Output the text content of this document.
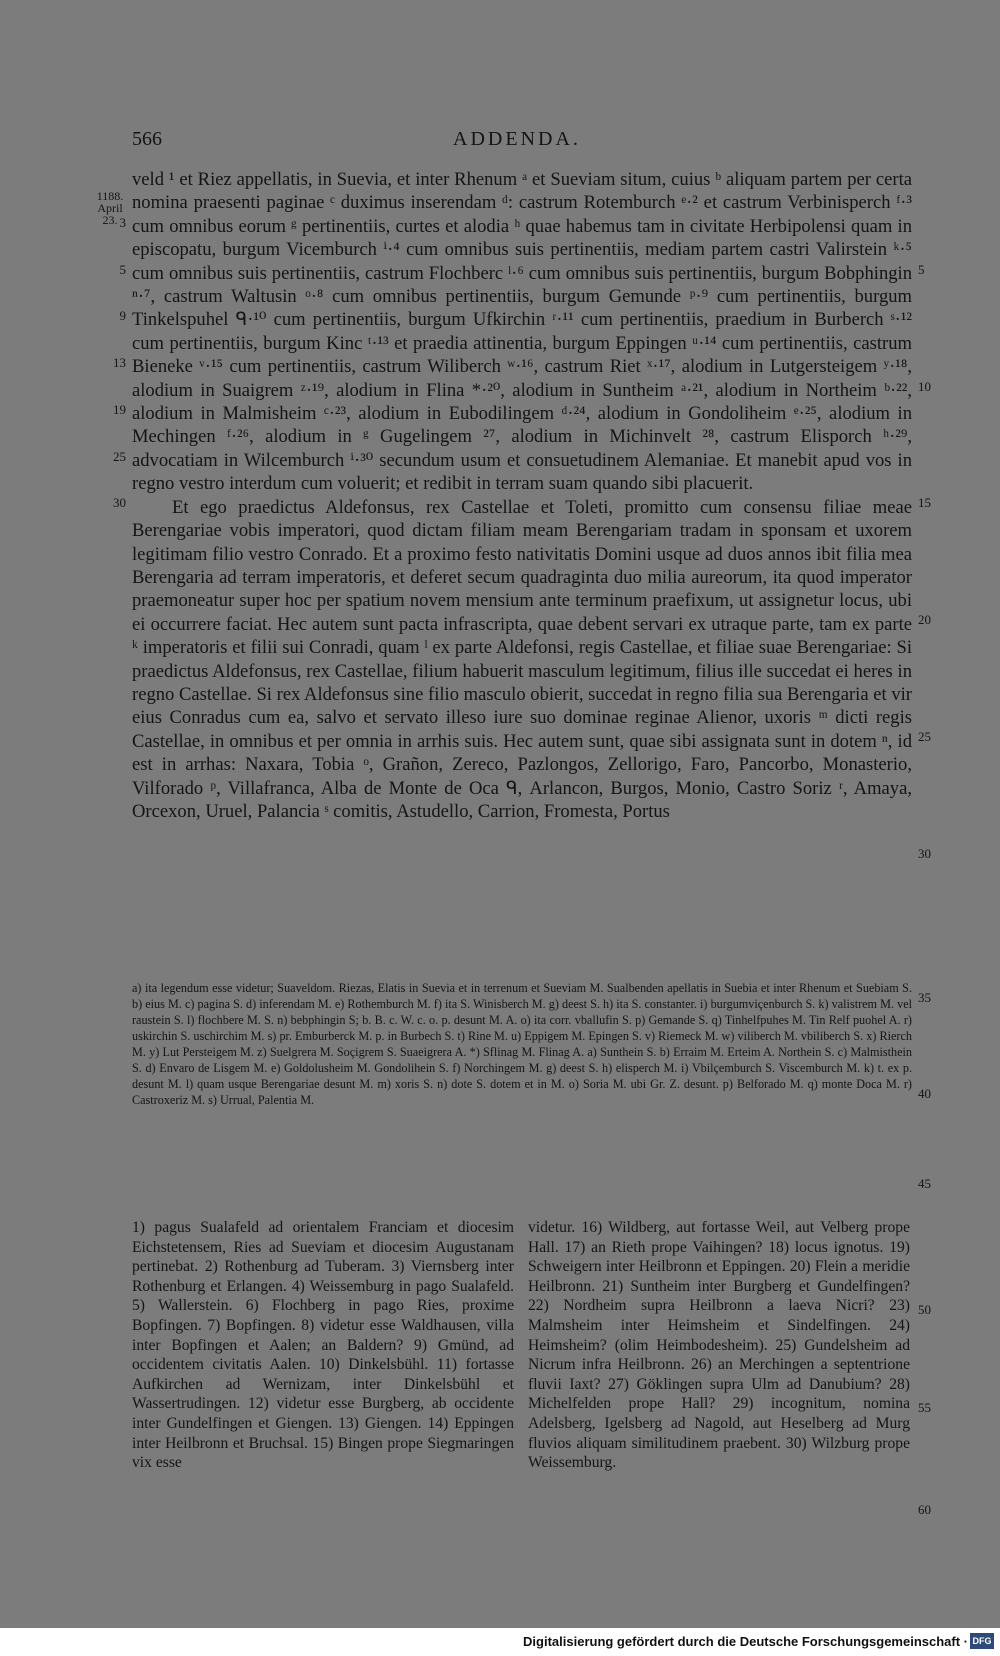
566	ADDENDA.
1188.
April
23. 3
5
9
13
19
25
30
5
10
15
20
25
30
35
40
45
50
55
60

veld ¹ et Riez appellatis, in Suevia, et inter Rhenum ᵃ et Sueviam situm, cuius ᵇ aliquam partem per certa nomina praesenti paginae ᶜ duximus inserendam ᵈ: castrum Rotemburch ᵉ·² et castrum Verbinisperch ᶠ·³ cum omnibus eorum ᵍ pertinentiis, curtes et alodia ʰ quae habemus tam in civitate Herbipolensi quam in episcopatu, burgum Vicemburch ⁱ·⁴ cum omnibus suis pertinentiis, mediam partem castri Valirstein ᵏ·⁵ cum omnibus suis pertinentiis, castrum Flochberc ˡ·⁶ cum omnibus suis pertinentiis, burgum Bobphingin ⁿ·⁷, castrum Waltusin ᵒ·⁸ cum omnibus pertinentiis, burgum Gemunde ᵖ·⁹ cum pertinentiis, burgum Tinkelspuhel ᑫ·¹⁰ cum pertinentiis, burgum Ufkirchin ʳ·¹¹ cum pertinentiis, praedium in Burberch ˢ·¹² cum pertinentiis, burgum Kinc ᵗ·¹³ et praedia attinentia, burgum Eppingen ᵘ·¹⁴ cum pertinentiis, castrum Bieneke ᵛ·¹⁵ cum pertinentiis, castrum Wiliberch ʷ·¹⁶, castrum Riet ˣ·¹⁷, alodium in Lutgersteigem ʸ·¹⁸, alodium in Suaigrem ᶻ·¹⁹, alodium in Flina *·²⁰, alodium in Suntheim ᵃ·²¹, alodium in Northeim ᵇ·²², alodium in Malmisheim ᶜ·²³, alodium in Eubodilingem ᵈ·²⁴, alodium in Gondoliheim ᵉ·²⁵, alodium in Mechingen ᶠ·²⁶, alodium in ᵍ Gugelingem ²⁷, alodium in Michinvelt ²⁸, castrum Elisporch ʰ·²⁹, advocatiam in Wilcemburch ⁱ·³⁰ secundum usum et consuetudinem Alemaniae. Et manebit apud vos in regno vestro interdum cum voluerit; et redibit in terram suam quando sibi placuerit.

Et ego praedictus Aldefonsus, rex Castellae et Toleti, promitto cum consensu filiae meae Berengariae vobis imperatori, quod dictam filiam meam Berengariam tradam in sponsam et uxorem legitimam filio vestro Conrado. Et a proximo festo nativitatis Domini usque ad duos annos ibit filia mea Berengaria ad terram imperatoris, et deferet secum quadraginta duo milia aureorum, ita quod imperator praemoneatur super hoc per spatium novem mensium ante terminum praefixum, ut assignetur locus, ubi ei occurrere faciat. Hec autem sunt pacta infrascripta, quae debent servari ex utraque parte, tam ex parte ᵏ imperatoris et filii sui Conradi, quam ˡ ex parte Aldefonsi, regis Castellae, et filiae suae Berengariae: Si praedictus Aldefonsus, rex Castellae, filium habuerit masculum legitimum, filius ille succedat ei heres in regno Castellae. Si rex Aldefonsus sine filio masculo obierit, succedat in regno filia sua Berengaria et vir eius Conradus cum ea, salvo et servato illeso iure suo dominae reginae Alienor, uxoris ᵐ dicti regis Castellae, in omnibus et per omnia in arrhis suis. Hec autem sunt, quae sibi assignata sunt in dotem ⁿ, id est in arrhas: Naxara, Tobia ᵒ, Grañon, Zereco, Pazlongos, Zellorigo, Faro, Pancorbo, Monasterio, Vilforado ᵖ, Villafranca, Alba de Monte de Oca ᑫ, Arlancon, Burgos, Monio, Castro Soriz ʳ, Amaya, Orcexon, Uruel, Palancia ˢ comitis, Astudello, Carrion, Fromesta, Portus

a) ita legendum esse videtur; Suaveldom. Riezas, Elatis in Suevia et in terrenum et Sueviam M. Sualbenden apellatis in Suebia et inter Rhenum et Suebiam S. b) eius M. c) pagina S. d) inferendam M. e) Rothemburch M. f) ita S. Winisberch M. g) deest S. h) ita S. constanter. i) burgumviçenburch S. k) valistrem M. vel raustein S. l) flochbere M. S. n) bebphingin S; b. B. c. W. c. o. p. desunt M. A. o) ita corr. vballufin S. p) Gemande S. q) Tinhelfpuhes M. Tin Relf puohel A. r) uskirchin S. uschirchim M. s) pr. Emburberck M. p. in Burbech S. t) Rine M. u) Eppigem M. Epingen S. v) Riemeck M. w) viliberch M. vbiliberch S. x) Rierch M. y) Lut Persteigem M. z) Suelgrera M. Soçigrem S. Suaeigrera A. *) Sflinag M. Flinag A. a) Sunthein S. b) Erraim M. Erteim A. Northein S. c) Malmisthein S. d) Envaro de Lisgem M. e) Goldolusheim M. Gondolihein S. f) Norchingem M. g) deest S. h) elisperch M. i) Vbilçemburch S. Viscemburch M. k) t. ex p. desunt M. l) quam usque Berengariae desunt M. m) xoris S. n) dote S. dotem et in M. o) Soria M. ubi Gr. Z. desunt. p) Belforado M. q) monte Doca M. r) Castroxeriz M. s) Urrual, Palentia M.

1) pagus Sualafeld ad orientalem Franciam et diocesim Eichstetensem, Ries ad Sueviam et diocesim Augustanam pertinebat. 2) Rothenburg ad Tuberam. 3) Viernsberg inter Rothenburg et Erlangen. 4) Weissemburg in pago Sualafeld. 5) Wallerstein. 6) Flochberg in pago Ries, proxime Bopfingen. 7) Bopfingen. 8) videtur esse Waldhausen, villa inter Bopfingen et Aalen; an Baldern? 9) Gmünd, ad occidentem civitatis Aalen. 10) Dinkelsbühl. 11) fortasse Aufkirchen ad Wernizam, inter Dinkelsbühl et Wassertrudingen. 12) videtur esse Burgberg, ab occidente inter Gundelfingen et Giengen. 13) Giengen. 14) Eppingen inter Heilbronn et Bruchsal. 15) Bingen prope Siegmaringen vix esse

videtur. 16) Wildberg, aut fortasse Weil, aut Velberg prope Hall. 17) an Rieth prope Vaihingen? 18) locus ignotus. 19) Schweigern inter Heilbronn et Eppingen. 20) Flein a meridie Heilbronn. 21) Suntheim inter Burgberg et Gundelfingen? 22) Nordheim supra Heilbronn a laeva Nicri? 23) Malmsheim inter Heimsheim et Sindelfingen. 24) Heimsheim? (olim Heimbodesheim). 25) Gundelsheim ad Nicrum infra Heilbronn. 26) an Merchingen a septentrione fluvii Iaxt? 27) Göklingen supra Ulm ad Danubium? 28) Michelfelden prope Hall? 29) incognitum, nomina Adelsberg, Igelsberg ad Nagold, aut Heselberg ad Murg fluvios aliquam similitudinem praebent. 30) Wilzburg prope Weissemburg.

Digitalisierung gefördert durch die Deutsche Forschungsgemeinschaft · DFG
